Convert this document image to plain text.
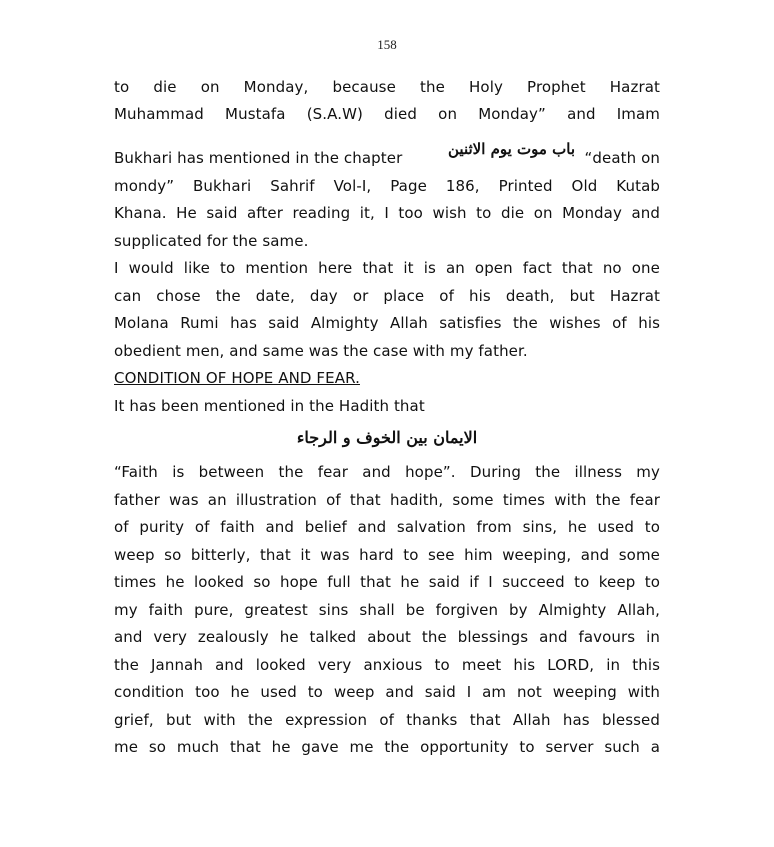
158
to die on Monday, because the Holy Prophet Hazrat
Muhammad Mustafa (S.A.W) died on Monday” and Imam
Bukhari has mentioned in the chapter	“death on
mondy” Bukhari Sahrif Vol-I, Page 186, Printed Old Kutab
Khana. He said after reading it, I too wish to die on Monday and
supplicated for the same.
I would like to mention here that it is an open fact that no one
can chose the date, day or place of his death, but Hazrat
Molana Rumi has said Almighty Allah satisfies the wishes of his
obedient men, and same was the case with my father.
CONDITION OF HOPE AND FEAR.
It has been mentioned in the Hadith that
“Faith is between the fear and hope”. During the illness my
father was an illustration of that hadith, some times with the fear
of purity of faith and belief and salvation from sins, he used to
weep so bitterly, that it was hard to see him weeping, and some
times he looked so hope full that he said if I succeed to keep to
my faith pure, greatest sins shall be forgiven by Almighty Allah,
and very zealously he talked about the blessings and favours in
the Jannah and looked very anxious to meet his LORD, in this
condition too he used to weep and said I am not weeping with
grief, but with the expression of thanks that Allah has blessed
me so much that he gave me the opportunity to server such a
باب موت يوم الاثنين
الايمان بين الخوف و الرجاء
